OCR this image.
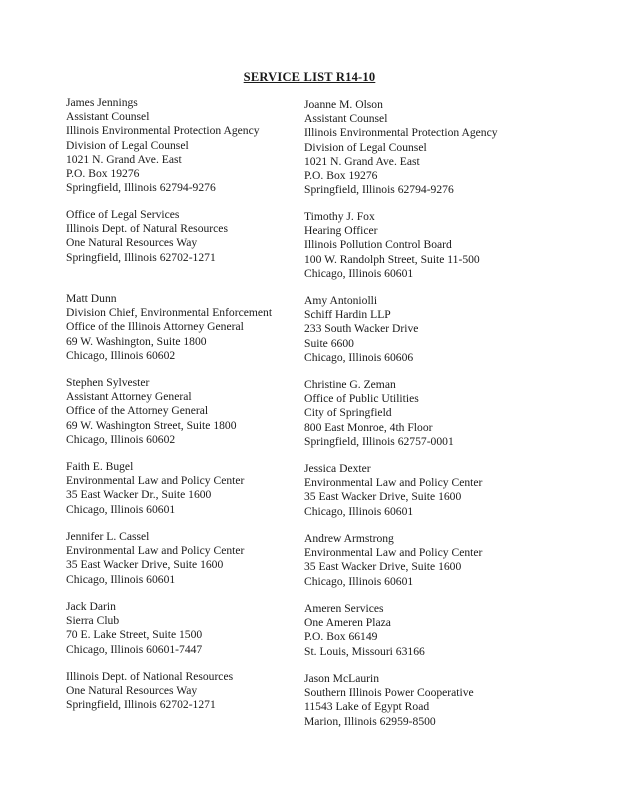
SERVICE LIST R14-10
James Jennings
Assistant Counsel
Illinois Environmental Protection Agency
Division of Legal Counsel
1021 N. Grand Ave. East
P.O. Box 19276
Springfield, Illinois 62794-9276
Joanne M. Olson
Assistant Counsel
Illinois Environmental Protection Agency
Division of Legal Counsel
1021 N. Grand Ave. East
P.O. Box 19276
Springfield, Illinois 62794-9276
Office of Legal Services
Illinois Dept. of Natural Resources
One Natural Resources Way
Springfield, Illinois 62702-1271
Timothy J. Fox
Hearing Officer
Illinois Pollution Control Board
100 W. Randolph Street, Suite 11-500
Chicago, Illinois 60601
Matt Dunn
Division Chief, Environmental Enforcement
Office of the Illinois Attorney General
69 W. Washington, Suite 1800
Chicago, Illinois 60602
Amy Antoniolli
Schiff Hardin LLP
233 South Wacker Drive
Suite 6600
Chicago, Illinois 60606
Stephen Sylvester
Assistant Attorney General
Office of the Attorney General
69 W. Washington Street, Suite 1800
Chicago, Illinois 60602
Christine G. Zeman
Office of Public Utilities
City of Springfield
800 East Monroe, 4th Floor
Springfield, Illinois 62757-0001
Faith E. Bugel
Environmental Law and Policy Center
35 East Wacker Dr., Suite 1600
Chicago, Illinois 60601
Jessica Dexter
Environmental Law and Policy Center
35 East Wacker Drive, Suite 1600
Chicago, Illinois 60601
Jennifer L. Cassel
Environmental Law and Policy Center
35 East Wacker Drive, Suite 1600
Chicago, Illinois 60601
Andrew Armstrong
Environmental Law and Policy Center
35 East Wacker Drive, Suite 1600
Chicago, Illinois 60601
Jack Darin
Sierra Club
70 E. Lake Street, Suite 1500
Chicago, Illinois 60601-7447
Ameren Services
One Ameren Plaza
P.O. Box 66149
St. Louis, Missouri 63166
Illinois Dept. of National Resources
One Natural Resources Way
Springfield, Illinois 62702-1271
Jason McLaurin
Southern Illinois Power Cooperative
11543 Lake of Egypt Road
Marion, Illinois 62959-8500
